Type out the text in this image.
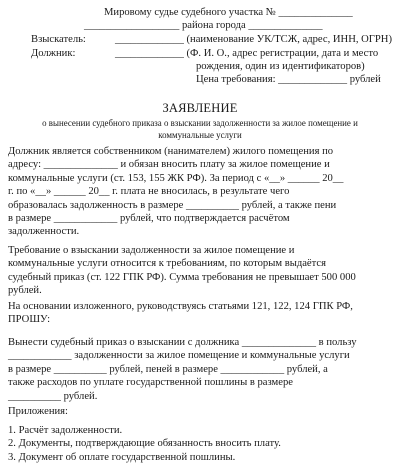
Мировому судье судебного участка № ______________
__________________ района города ______________
Взыскатель:	_____________ (наименование УК/ТСЖ, адрес, ИНН, ОГРН)
Должник:	_____________ (Ф. И. О., адрес регистрации, дата и место
рождения, один из идентификаторов)
Цена требования: _____________ рублей
ЗАЯВЛЕНИЕ
о вынесении судебного приказа о взыскании задолженности за жилое помещение и
коммунальные услуги
Должник является собственником (нанимателем) жилого помещения по
адресу: ______________ и обязан вносить плату за жилое помещение и
коммунальные услуги (ст. 153, 155 ЖК РФ). За период с «__» ______ 20__
г. по «__» ______ 20__ г. плата не вносилась, в результате чего
образовалась задолженность в размере __________ рублей, а также пени
в размере ____________ рублей, что подтверждается расчётом
задолженности.
Требование о взыскании задолженности за жилое помещение и
коммунальные услуги относится к требованиям, по которым выдаётся
судебный приказ (ст. 122 ГПК РФ). Сумма требования не превышает 500 000
рублей.
На основании изложенного, руководствуясь статьями 121, 122, 124 ГПК РФ,
ПРОШУ:
Вынести судебный приказ о взыскании с должника ______________ в пользу
____________ задолженности за жилое помещение и коммунальные услуги
в размере __________ рублей, пеней в размере ____________ рублей, а
также расходов по уплате государственной пошлины в размере
__________ рублей.
Приложения:
1. Расчёт задолженности.
2. Документы, подтверждающие обязанность вносить плату.
3. Документ об оплате государственной пошлины.
